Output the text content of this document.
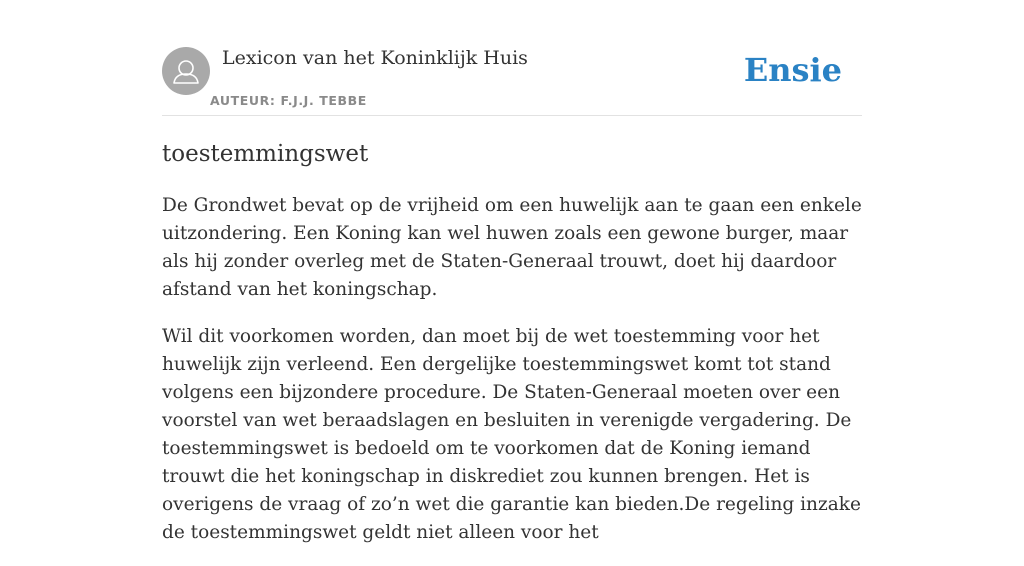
Lexicon van het Koninklijk Huis
AUTEUR: F.J.J. TEBBE
Ensie
toestemmingswet

De Grondwet bevat op de vrijheid om een huwelijk aan te gaan een enkele uitzondering. Een Koning kan wel huwen zoals een gewone burger, maar als hij zonder overleg met de Staten-Generaal trouwt, doet hij daardoor afstand van het koningschap.

Wil dit voorkomen worden, dan moet bij de wet toestemming voor het huwelijk zijn verleend. Een dergelijke toestemmingswet komt tot stand volgens een bijzondere procedure. De Staten-Generaal moeten over een voorstel van wet beraadslagen en besluiten in verenigde vergadering. De toestemmingswet is bedoeld om te voorkomen dat de Koning iemand trouwt die het koningschap in diskrediet zou kunnen brengen. Het is overigens de vraag of zo’n wet die garantie kan bieden.De regeling inzake de toestemmingswet geldt niet alleen voor het
